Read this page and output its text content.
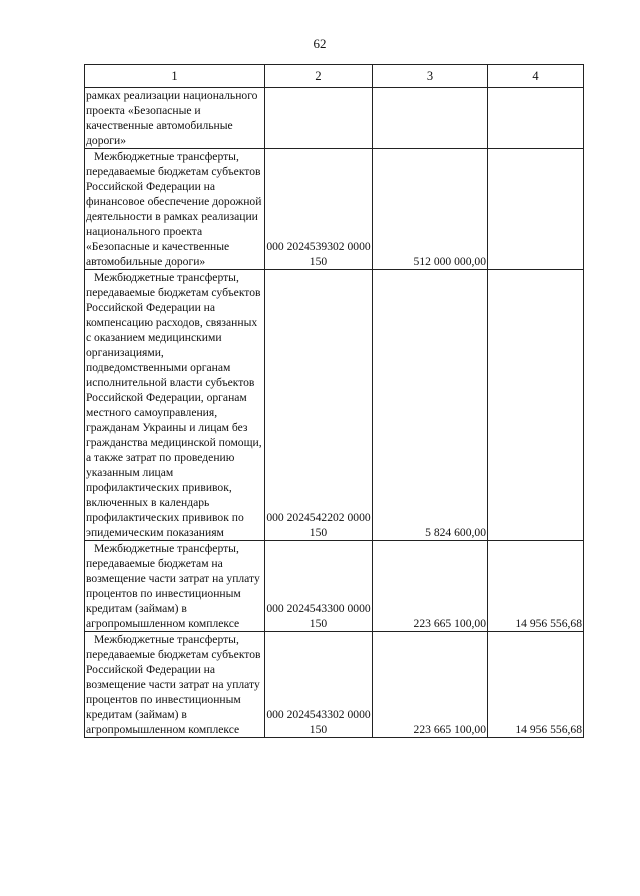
62
1	2	3	4

рамках реализации национального проекта «Безопасные и качественные автомобильные дороги»			

Межбюджетные трансферты, передаваемые бюджетам субъектов Российской Федерации на финансовое обеспечение дорожной деятельности в рамках реализации национального проекта «Безопасные и качественные автомобильные дороги»	000 2024539302 0000 150	512 000 000,00	

Межбюджетные трансферты, передаваемые бюджетам субъектов Российской Федерации на компенсацию расходов, связанных с оказанием медицинскими организациями, подведомственными органам исполнительной власти субъектов Российской Федерации, органам местного самоуправления, гражданам Украины и лицам без гражданства медицинской помощи, а также затрат по проведению указанным лицам профилактических прививок, включенных в календарь профилактических прививок по эпидемическим показаниям	000 2024542202 0000 150	5 824 600,00	

Межбюджетные трансферты, передаваемые бюджетам на возмещение части затрат на уплату процентов по инвестиционным кредитам (займам) в агропромышленном комплексе	000 2024543300 0000 150	223 665 100,00	14 956 556,68

Межбюджетные трансферты, передаваемые бюджетам субъектов Российской Федерации на возмещение части затрат на уплату процентов по инвестиционным кредитам (займам) в агропромышленном комплексе	000 2024543302 0000 150	223 665 100,00	14 956 556,68
